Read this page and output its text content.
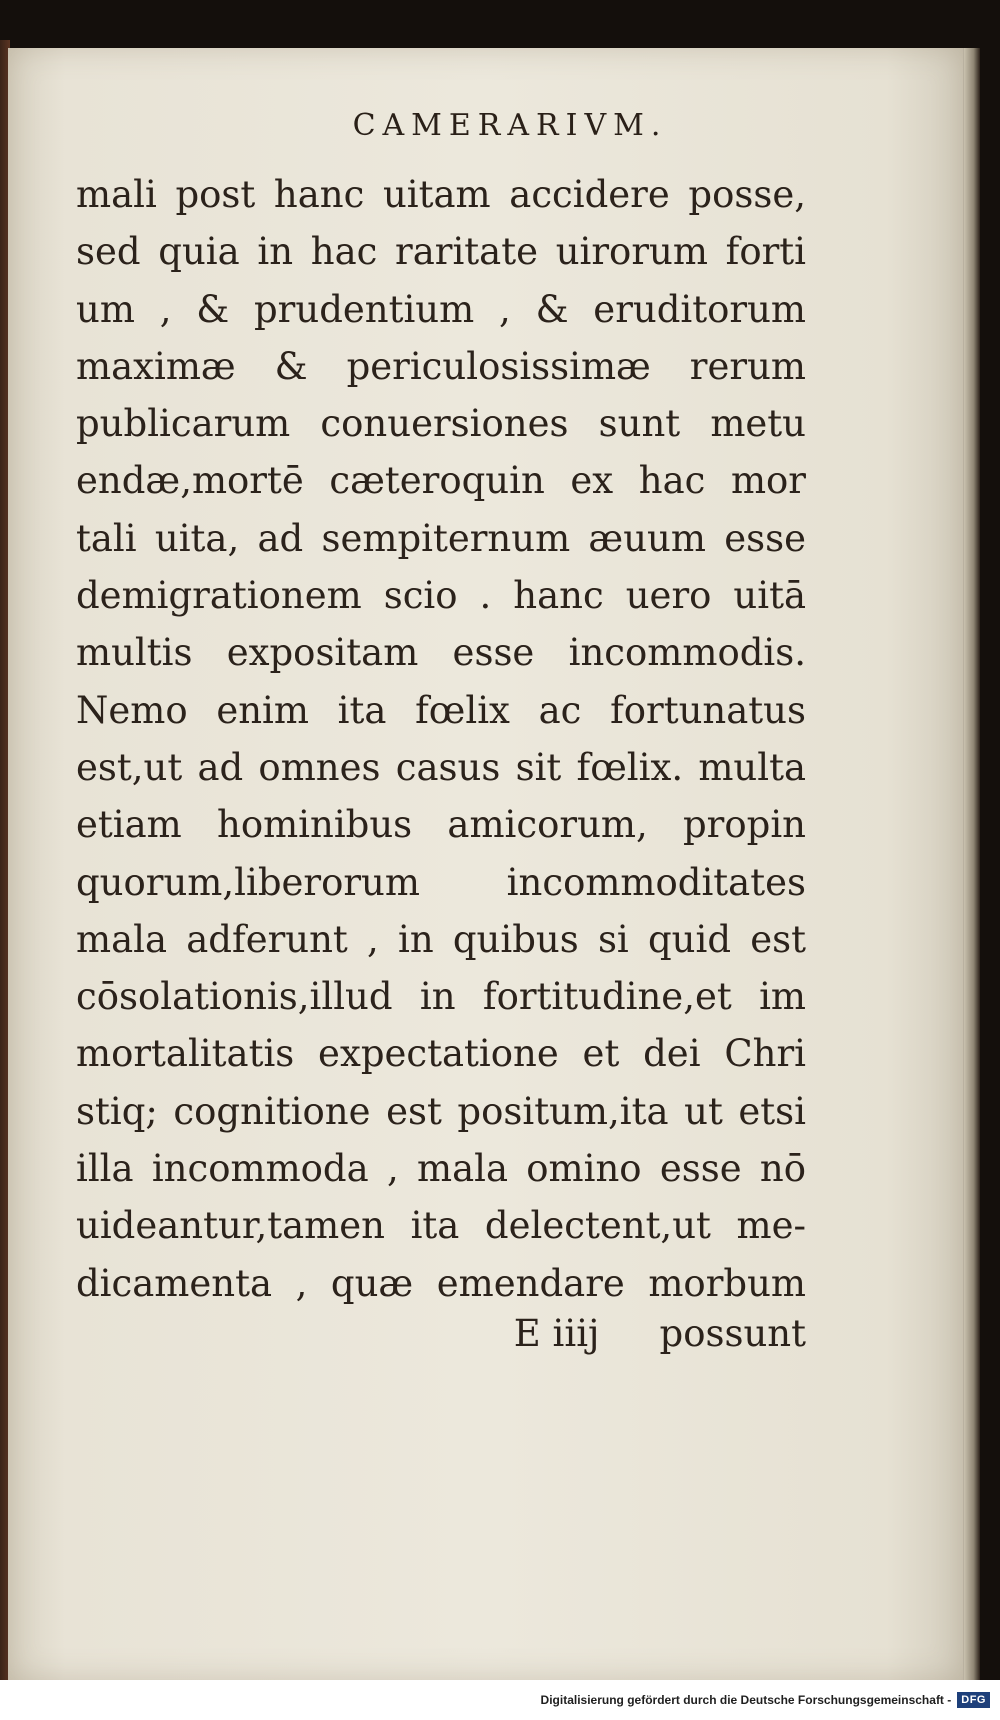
CAMERARIVM.
mali post hanc uitam accidere posse,
sed quia in hac raritate uirorum forti
um , & prudentium , & eruditorum
maximæ & periculosissimæ rerum
publicarum conuersiones sunt metu
endæ,mortē cæteroquin ex hac mor
tali uita, ad sempiternum æuum esse
demigrationem scio . hanc uero uitā
multis expositam esse incommodis.
Nemo enim ita fœlix ac fortunatus
est,ut ad omnes casus sit fœlix. multa
etiam hominibus amicorum, propin
quorum,liberorum incommoditates
mala adferunt , in quibus si quid est
cōsolationis,illud in fortitudine,et im
mortalitatis expectatione et dei Chri
stiq; cognitione est positum,ita ut etsi
illa incommoda , mala omino esse nō
uideantur,tamen ita delectent,ut me-
dicamenta , quæ emendare morbum
E iiij possunt
Digitalisierung gefördert durch die Deutsche Forschungsgemeinschaft - DFG
